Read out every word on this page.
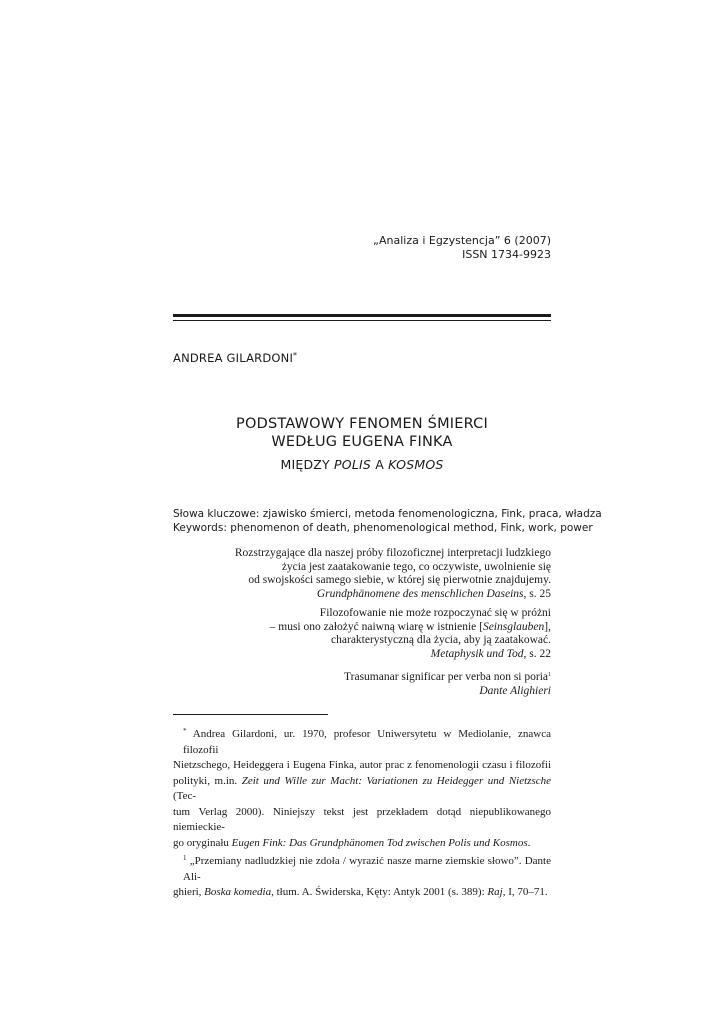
„Analiza i Egzystencja” 6 (2007)
ISSN 1734-9923
ANDREA GILARDONI*
PODSTAWOWY FENOMEN ŚMIERCI
WEDŁUG EUGENA FINKA
MIĘDZY POLIS A KOSMOS
Słowa kluczowe: zjawisko śmierci, metoda fenomenologiczna, Fink, praca, władza
Keywords: phenomenon of death, phenomenological method, Fink, work, power
Rozstrzygające dla naszej próby filozoficznej interpretacji ludzkiego
życia jest zaatakowanie tego, co oczywiste, uwolnienie się
od swojskości samego siebie, w której się pierwotnie znajdujemy.
Grundphänomene des menschlichen Daseins, s. 25
Filozofowanie nie może rozpoczynać się w próżni
– musi ono założyć naiwną wiarę w istnienie [Seinsglauben],
charakterystyczną dla życia, aby ją zaatakować.
Metaphysik und Tod, s. 22
Trasumanar significar per verba non si poria$^1$
Dante Alighieri

* Andrea Gilardoni, ur. 1970, profesor Uniwersytetu w Mediolanie, znawca filozofii
Nietzschego, Heideggera i Eugena Finka, autor prac z fenomenologii czasu i filozofii
polityki, m.in. Zeit und Wille zur Macht: Variationen zu Heidegger und Nietzsche (Tec-
tum Verlag 2000). Niniejszy tekst jest przekładem dotąd niepublikowanego niemieckie-
go oryginału Eugen Fink: Das Grundphänomen Tod zwischen Polis und Kosmos.

$^1$ „Przemiany nadludzkiej nie zdoła / wyrazić nasze marne ziemskie słowo”. Dante Ali-
ghieri, Boska komedia, tłum. A. Świderska, Kęty: Antyk 2001 (s. 389): Raj, I, 70–71.
